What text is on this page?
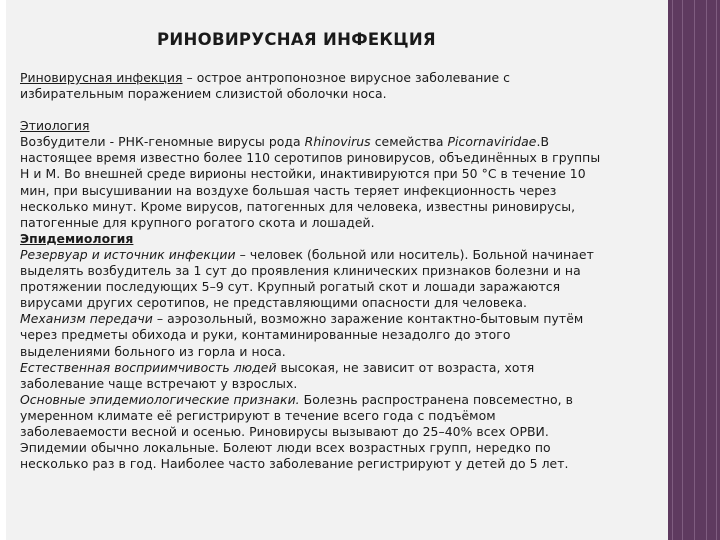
РИНОВИРУСНАЯ ИНФЕКЦИЯ

Риновирусная инфекция – острое антропонозное вирусное заболевание с
избирательным поражением слизистой оболочки носа.

Этиология
Возбудители - РНК-геномные вирусы рода Rhinovirus семейства Picornaviridae.В
настоящее время известно более 110 серотипов риновирусов, объединённых в группы
Н и М. Во внешней среде вирионы нестойки, инактивируются при 50 °С в течение 10
мин, при высушивании на воздухе большая часть теряет инфекционность через
несколько минут. Кроме вирусов, патогенных для человека, известны риновирусы,
патогенные для крупного рогатого скота и лошадей.

Эпидемиология
Резервуар и источник инфекции – человек (больной или носитель). Больной начинает
выделять возбудитель за 1 сут до проявления клинических признаков болезни и на
протяжении последующих 5–9 сут. Крупный рогатый скот и лошади заражаются
вирусами других серотипов, не представляющими опасности для человека.
Механизм передачи – аэрозольный, возможно заражение контактно-бытовым путём
через предметы обихода и руки, контаминированные незадолго до этого
выделениями больного из горла и носа.
Естественная восприимчивость людей высокая, не зависит от возраста, хотя
заболевание чаще встречают у взрослых.
Основные эпидемиологические признаки. Болезнь распространена повсеместно, в
умеренном климате её регистрируют в течение всего года с подъёмом
заболеваемости весной и осенью. Риновирусы вызывают до 25–40% всех ОРВИ.
Эпидемии обычно локальные. Болеют люди всех возрастных групп, нередко по
несколько раз в год. Наиболее часто заболевание регистрируют у детей до 5 лет.
